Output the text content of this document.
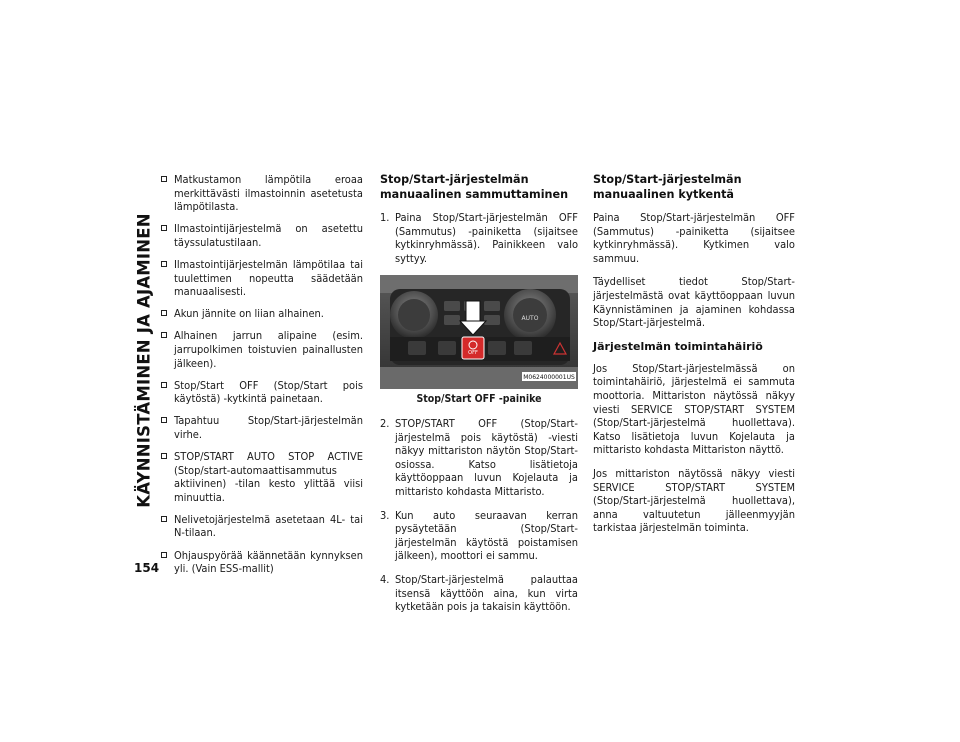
KÄYNNISTÄMINEN JA AJAMINEN
154
Matkustamon lämpötila eroaa merkittävästi ilmastoinnin asetetusta lämpötilasta.
Ilmastointijärjestelmä on asetettu täyssulatustilaan.
Ilmastointijärjestelmän lämpötilaa tai tuulettimen nopeutta säädetään manuaalisesti.
Akun jännite on liian alhainen.
Alhainen jarrun alipaine (esim. jarrupolkimen toistuvien painallusten jälkeen).
Stop/Start OFF (Stop/Start pois käytöstä) -kytkintä painetaan.
Tapahtuu Stop/Start-järjestelmän virhe.
STOP/START AUTO STOP ACTIVE (Stop/start-automaattisammutus aktiivinen) -tilan kesto ylittää viisi minuuttia.
Nelivetojärjestelmä asetetaan 4L- tai N-tilaan.
Ohjauspyörää käännetään kynnyksen yli. (Vain ESS-mallit)
Stop/Start-järjestelmän manuaalinen sammuttaminen
1. Paina Stop/Start-järjestelmän OFF (Sammutus) -painiketta (sijaitsee kytkinryhmässä). Painikkeen valo syttyy.
AUTO
OFF
M0624000001US
Stop/Start OFF -painike
2. STOP/START OFF (Stop/Start-järjestelmä pois käytöstä) -viesti näkyy mittariston näytön Stop/Start-osiossa. Katso lisätietoja käyttöoppaan luvun Kojelauta ja mittaristo kohdasta Mittaristo.
3. Kun auto seuraavan kerran pysäytetään (Stop/Start-järjestelmän käytöstä poistamisen jälkeen), moottori ei sammu.
4. Stop/Start-järjestelmä palauttaa itsensä käyttöön aina, kun virta kytketään pois ja takaisin käyttöön.
Stop/Start-järjestelmän manuaalinen kytkentä

Paina Stop/Start-järjestelmän OFF (Sammutus) -painiketta (sijaitsee kytkinryhmässä). Kytkimen valo sammuu.

Täydelliset tiedot Stop/Start-järjestelmästä ovat käyttöoppaan luvun Käynnistäminen ja ajaminen kohdassa Stop/Start-järjestelmä.

Järjestelmän toimintahäiriö

Jos Stop/Start-järjestelmässä on toimintahäiriö, järjestelmä ei sammuta moottoria. Mittariston näytössä näkyy viesti SERVICE STOP/START SYSTEM (Stop/Start-järjestelmä huollettava). Katso lisätietoja luvun Kojelauta ja mittaristo kohdasta Mittariston näyttö.

Jos mittariston näytössä näkyy viesti SERVICE STOP/START SYSTEM (Stop/Start-järjestelmä huollettava), anna valtuutetun jälleenmyyjän tarkistaa järjestelmän toiminta.
